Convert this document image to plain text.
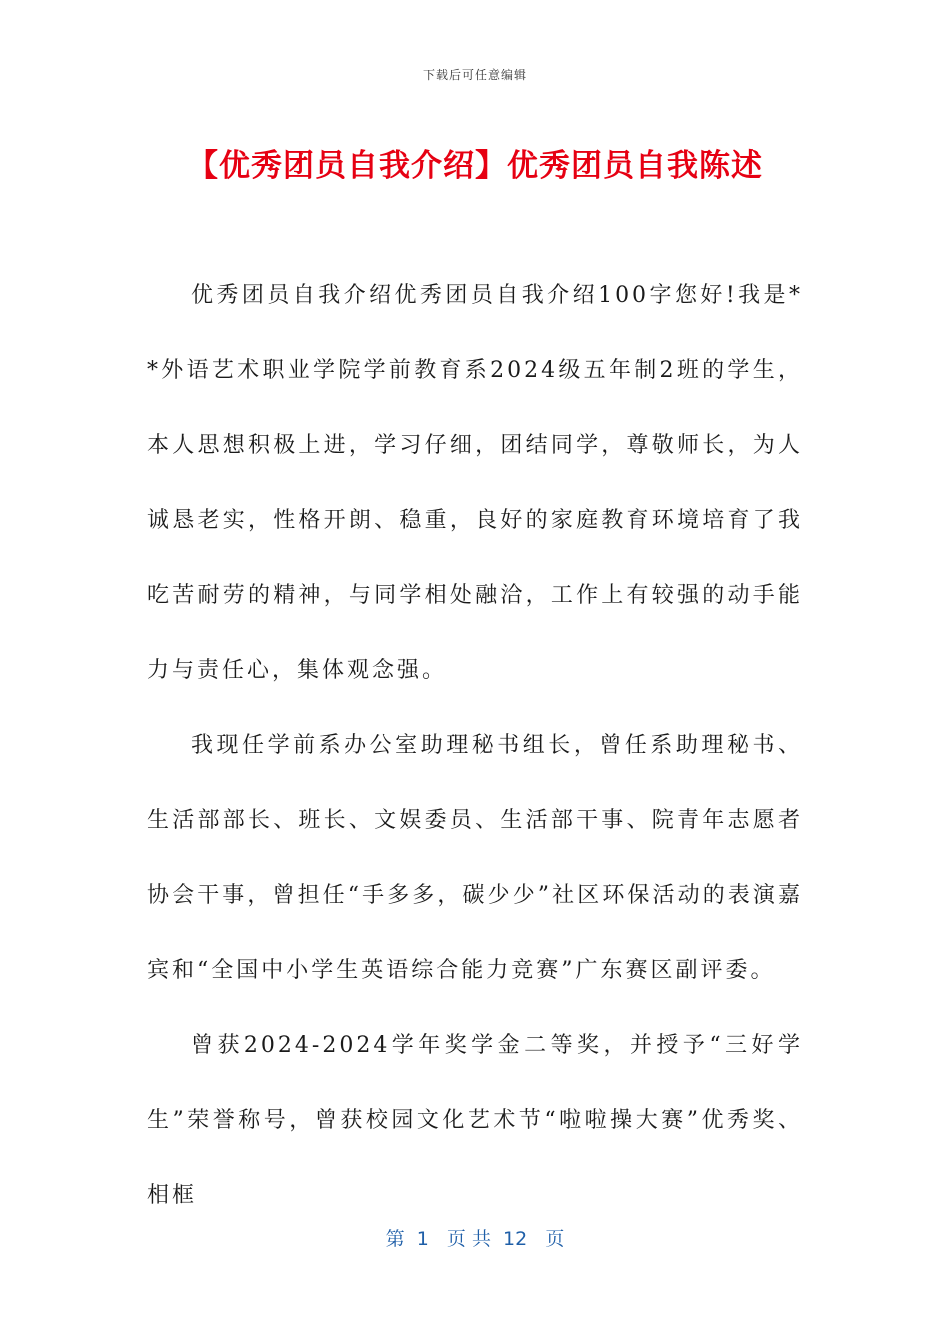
下载后可任意编辑
【优秀团员自我介绍】优秀团员自我陈述

优秀团员自我介绍优秀团员自我介绍100字您好!我是**外语艺术职业学院学前教育系2024级五年制2班的学生，本人思想积极上进，学习仔细，团结同学，尊敬师长，为人诚恳老实，性格开朗、稳重，良好的家庭教育环境培育了我吃苦耐劳的精神，与同学相处融洽，工作上有较强的动手能力与责任心，集体观念强。

我现任学前系办公室助理秘书组长，曾任系助理秘书、生活部部长、班长、文娱委员、生活部干事、院青年志愿者协会干事，曾担任“手多多，碳少少”社区环保活动的表演嘉宾和“全国中小学生英语综合能力竞赛”广东赛区副评委。

曾获2024-2024学年奖学金二等奖，并授予“三好学生”荣誉称号，曾获校园文化艺术节“啦啦操大赛”优秀奖、相框

第  1   页 共  12   页
